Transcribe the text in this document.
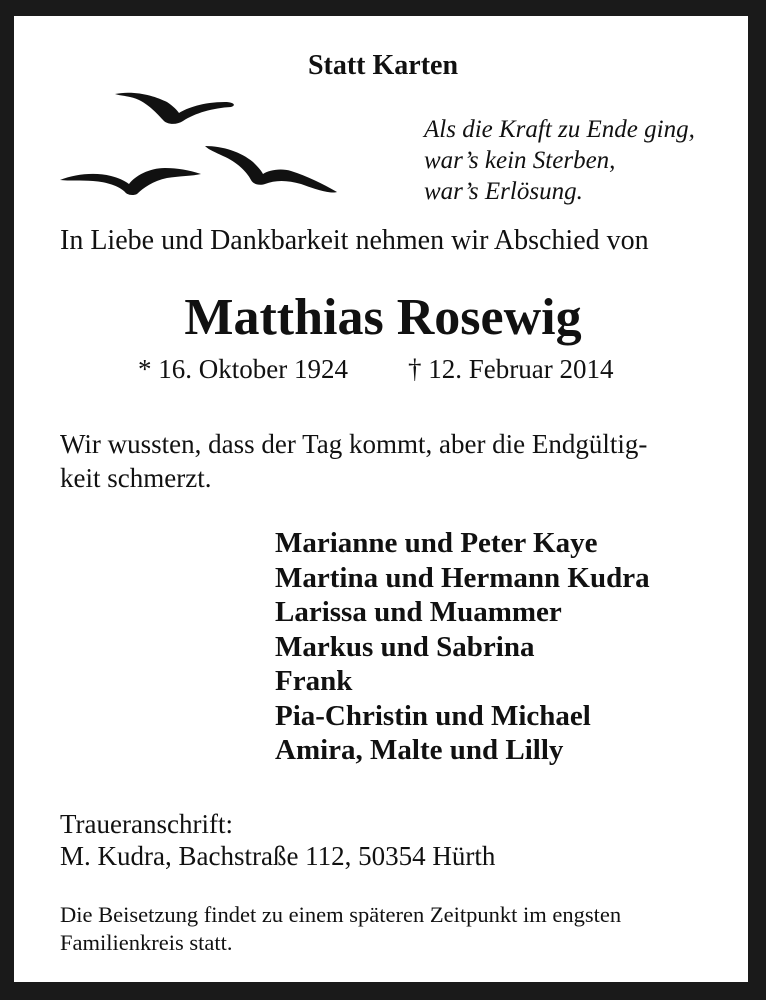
Statt Karten
Als die Kraft zu Ende ging,
war’s kein Sterben,
war’s Erlösung.
In Liebe und Dankbarkeit nehmen wir Abschied von
Matthias Rosewig
* 16. Oktober 1924 † 12. Februar 2014
Wir wussten, dass der Tag kommt, aber die Endgültig-
keit schmerzt.
Marianne und Peter Kaye
Martina und Hermann Kudra
Larissa und Muammer
Markus und Sabrina
Frank
Pia-Christin und Michael
Amira, Malte und Lilly
Traueranschrift:
M. Kudra, Bachstraße 112, 50354 Hürth
Die Beisetzung findet zu einem späteren Zeitpunkt im engsten
Familienkreis statt.
